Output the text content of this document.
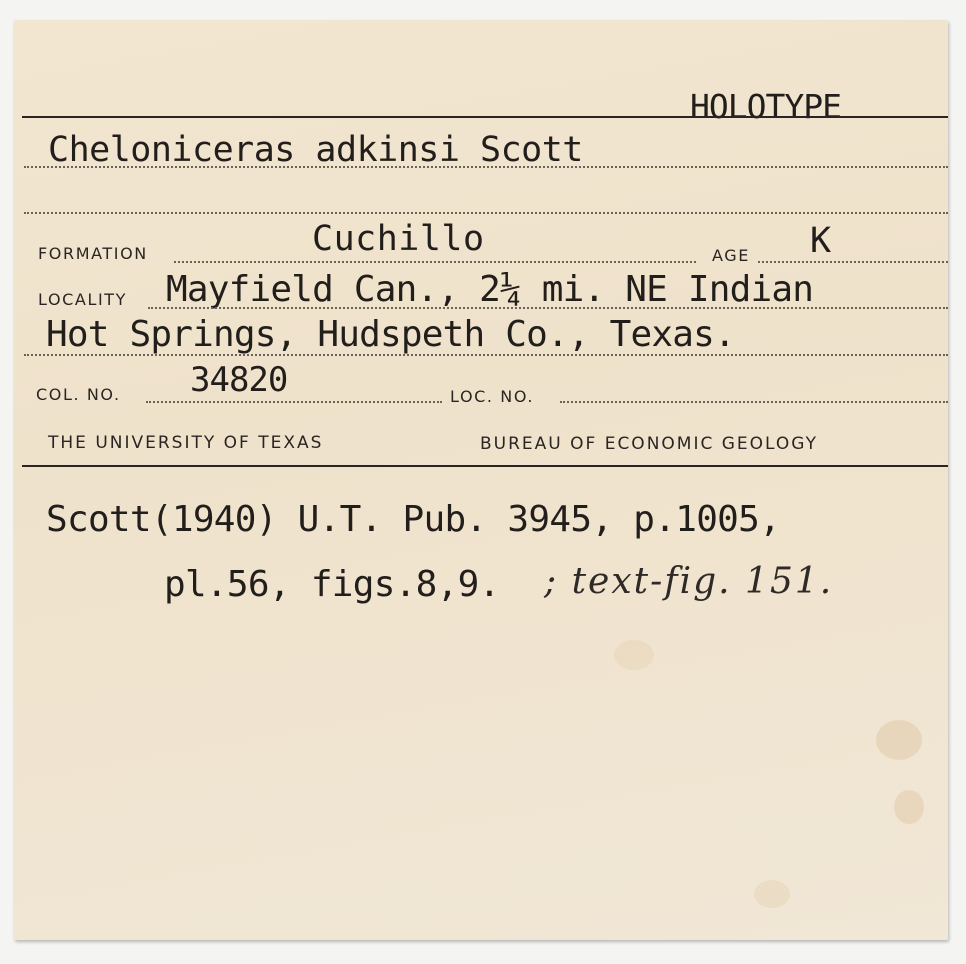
HOLOTYPE
Cheloniceras adkinsi Scott
FORMATION	Cuchillo	AGE K
LOCALITY Mayfield Can., 2¼ mi. NE Indian
Hot Springs, Hudspeth Co., Texas.
COL. NO. 34820	LOC. NO.
THE UNIVERSITY OF TEXAS	BUREAU OF ECONOMIC GEOLOGY
Scott(1940) U.T. Pub. 3945, p.1005,
pl.56, figs.8,9. ; text-fig. 151.
